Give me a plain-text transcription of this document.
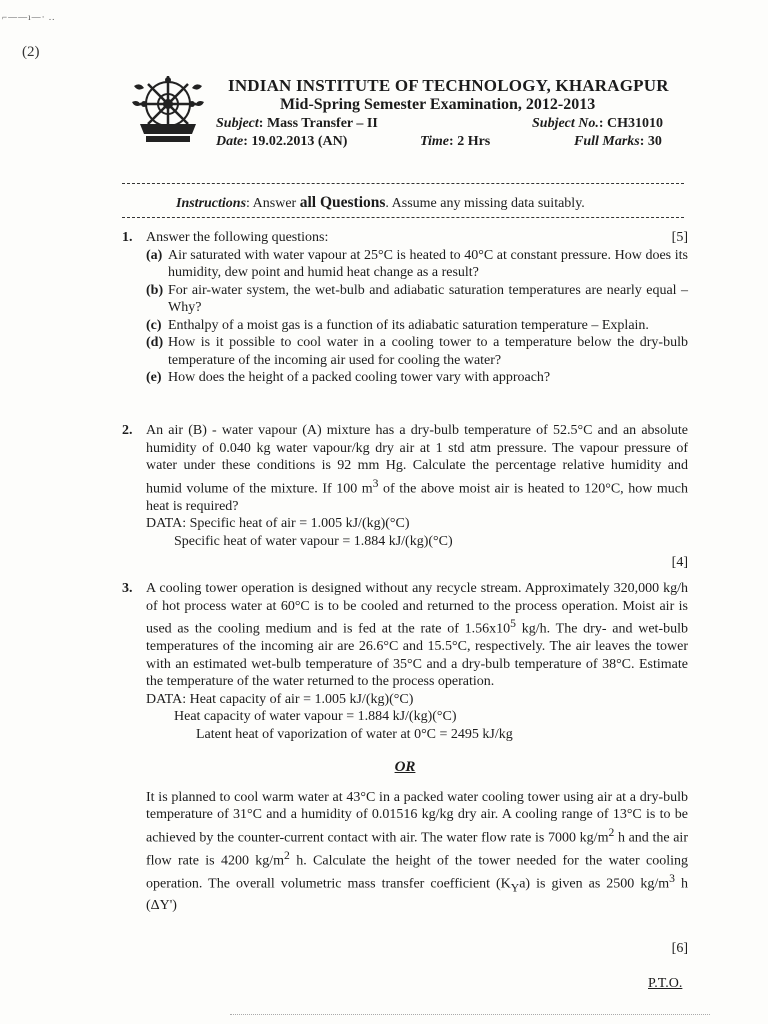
⌐——ı—· ..
(2)
INDIAN INSTITUTE OF TECHNOLOGY, KHARAGPUR
Mid-Spring Semester Examination, 2012-2013
Subject: Mass Transfer – II	Subject No.: CH31010
Date: 19.02.2013 (AN)	Time: 2 Hrs	Full Marks: 30
Instructions: Answer all Questions. Assume any missing data suitably.
1. Answer the following questions:	[5]
(a) Air saturated with water vapour at 25°C is heated to 40°C at constant pressure. How does its humidity, dew point and humid heat change as a result?
(b) For air-water system, the wet-bulb and adiabatic saturation temperatures are nearly equal – Why?
(c) Enthalpy of a moist gas is a function of its adiabatic saturation temperature – Explain.
(d) How is it possible to cool water in a cooling tower to a temperature below the dry-bulb temperature of the incoming air used for cooling the water?
(e) How does the height of a packed cooling tower vary with approach?
2. An air (B) - water vapour (A) mixture has a dry-bulb temperature of 52.5°C and an absolute humidity of 0.040 kg water vapour/kg dry air at 1 std atm pressure. The vapour pressure of water under these conditions is 92 mm Hg. Calculate the percentage relative humidity and humid volume of the mixture. If 100 $m^3$ of the above moist air is heated to 120°C, how much heat is required?
DATA: Specific heat of air = 1.005 kJ/(kg)(°C)
Specific heat of water vapour = 1.884 kJ/(kg)(°C)
[4]
3. A cooling tower operation is designed without any recycle stream. Approximately 320,000 kg/h of hot process water at 60°C is to be cooled and returned to the process operation. Moist air is used as the cooling medium and is fed at the rate of $1.56x10^5$ kg/h. The dry- and wet-bulb temperatures of the incoming air are 26.6°C and 15.5°C, respectively. The air leaves the tower with an estimated wet-bulb temperature of 35°C and a dry-bulb temperature of 38°C. Estimate the temperature of the water returned to the process operation.
DATA: Heat capacity of air = 1.005 kJ/(kg)(°C)
Heat capacity of water vapour = 1.884 kJ/(kg)(°C)
Latent heat of vaporization of water at 0°C = 2495 kJ/kg
OR
It is planned to cool warm water at 43°C in a packed water cooling tower using air at a dry-bulb temperature of 31°C and a humidity of 0.01516 kg/kg dry air. A cooling range of 13°C is to be achieved by the counter-current contact with air. The water flow rate is 7000 $kg/m^2$ h and the air flow rate is 4200 $kg/m^2$ h. Calculate the height of the tower needed for the water cooling operation. The overall volumetric mass transfer coefficient $(K_Ya)$ is given as 2500 $kg/m^3$ h (ΔY')
[6]
P.T.O.
